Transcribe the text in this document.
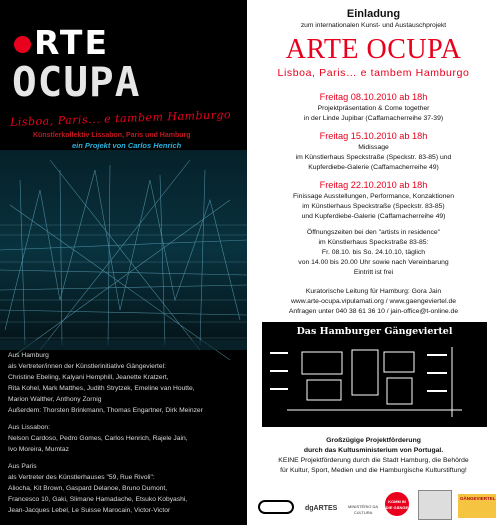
RTE
OCUPA
Lisboa, Paris... e tambem Hamburgo
Künstlerkollektiv Lissabon, Paris und Hamburg
ein Projekt von Carlos Henrich
Aus Hamburg
als Vertreter/innen der Künstlerinitiative Gängeviertel:
Christine Ebeling, Kalyani Hemphill, Jeanette Kratzert,
Rita Kohel, Mark Matthes, Judith Strytzek, Emeline van Houtte,
Marion Walther, Anthony Zornig
Außerdem: Thorsten Brinkmann, Thomas Engartner, Dirk Meinzer
Aus Lissabon:
Nelson Cardoso, Pedro Gomes, Carlos Henrich, Rajele Jain,
Ivo Moreira, Mumtaz
Aus Paris
als Vertreter des Künstlerhauses "59, Rue Rivoli":
Aliocha, Kit Brown, Gaspard Delanoe, Bruno Dumont,
Francesco 10, Gaki, Slimane Hamadache, Etsuko Kobyashi,
Jean-Jacques Lebel, Le Suisse Marocain, Victor-Victor
Einladung
zum internationalen Kunst- und Austauschprojekt
ARTE OCUPA
Lisboa, Paris… e tambem Hamburgo
Freitag 08.10.2010 ab 18h
Projektpräsentation & Come together
in der Linde Jupibar (Caffamacherreihe 37-39)
Freitag 15.10.2010 ab 18h
Midissage
im Künstlerhaus Speckstraße (Speckstr. 83-85) und
Kupferdiebe-Galerie (Caffamacherreihe 49)
Freitag 22.10.2010 ab 18h
Finissage Ausstellungen, Performance, Konzaktionen
im Künstlerhaus Speckstraße (Speckstr. 83-85)
und Kupferdiebe-Galerie (Caffamacherreihe 49)
Öffnungszeiten bei den "artists in residence"
im Künstlerhaus Speckstraße 83-85:
Fr. 08.10. bis So. 24.10.10, täglich
von 14.00 bis 20.00 Uhr sowie nach Vereinbarung
Eintritt ist frei
Kuratorische Leitung für Hamburg: Gora Jain
www.arte-ocupa.vipulamati.org / www.gaengeviertel.de
Anfragen unter 040 38 61 36 10 / jain-office@t-online.de
Großzügige Projektförderung
durch das Kultusministerium von Portugal.
KEINE Projektförderung durch die Stadt Hamburg, die Behörde
für Kultur, Sport, Medien und die Hamburgische Kulturstiftung!
Das Hamburger Gängeviertel
dgARTES	MINISTÉRIO DA CULTURA
KOMM IN DIE GÄNGE
GÄNGEVIERTEL
